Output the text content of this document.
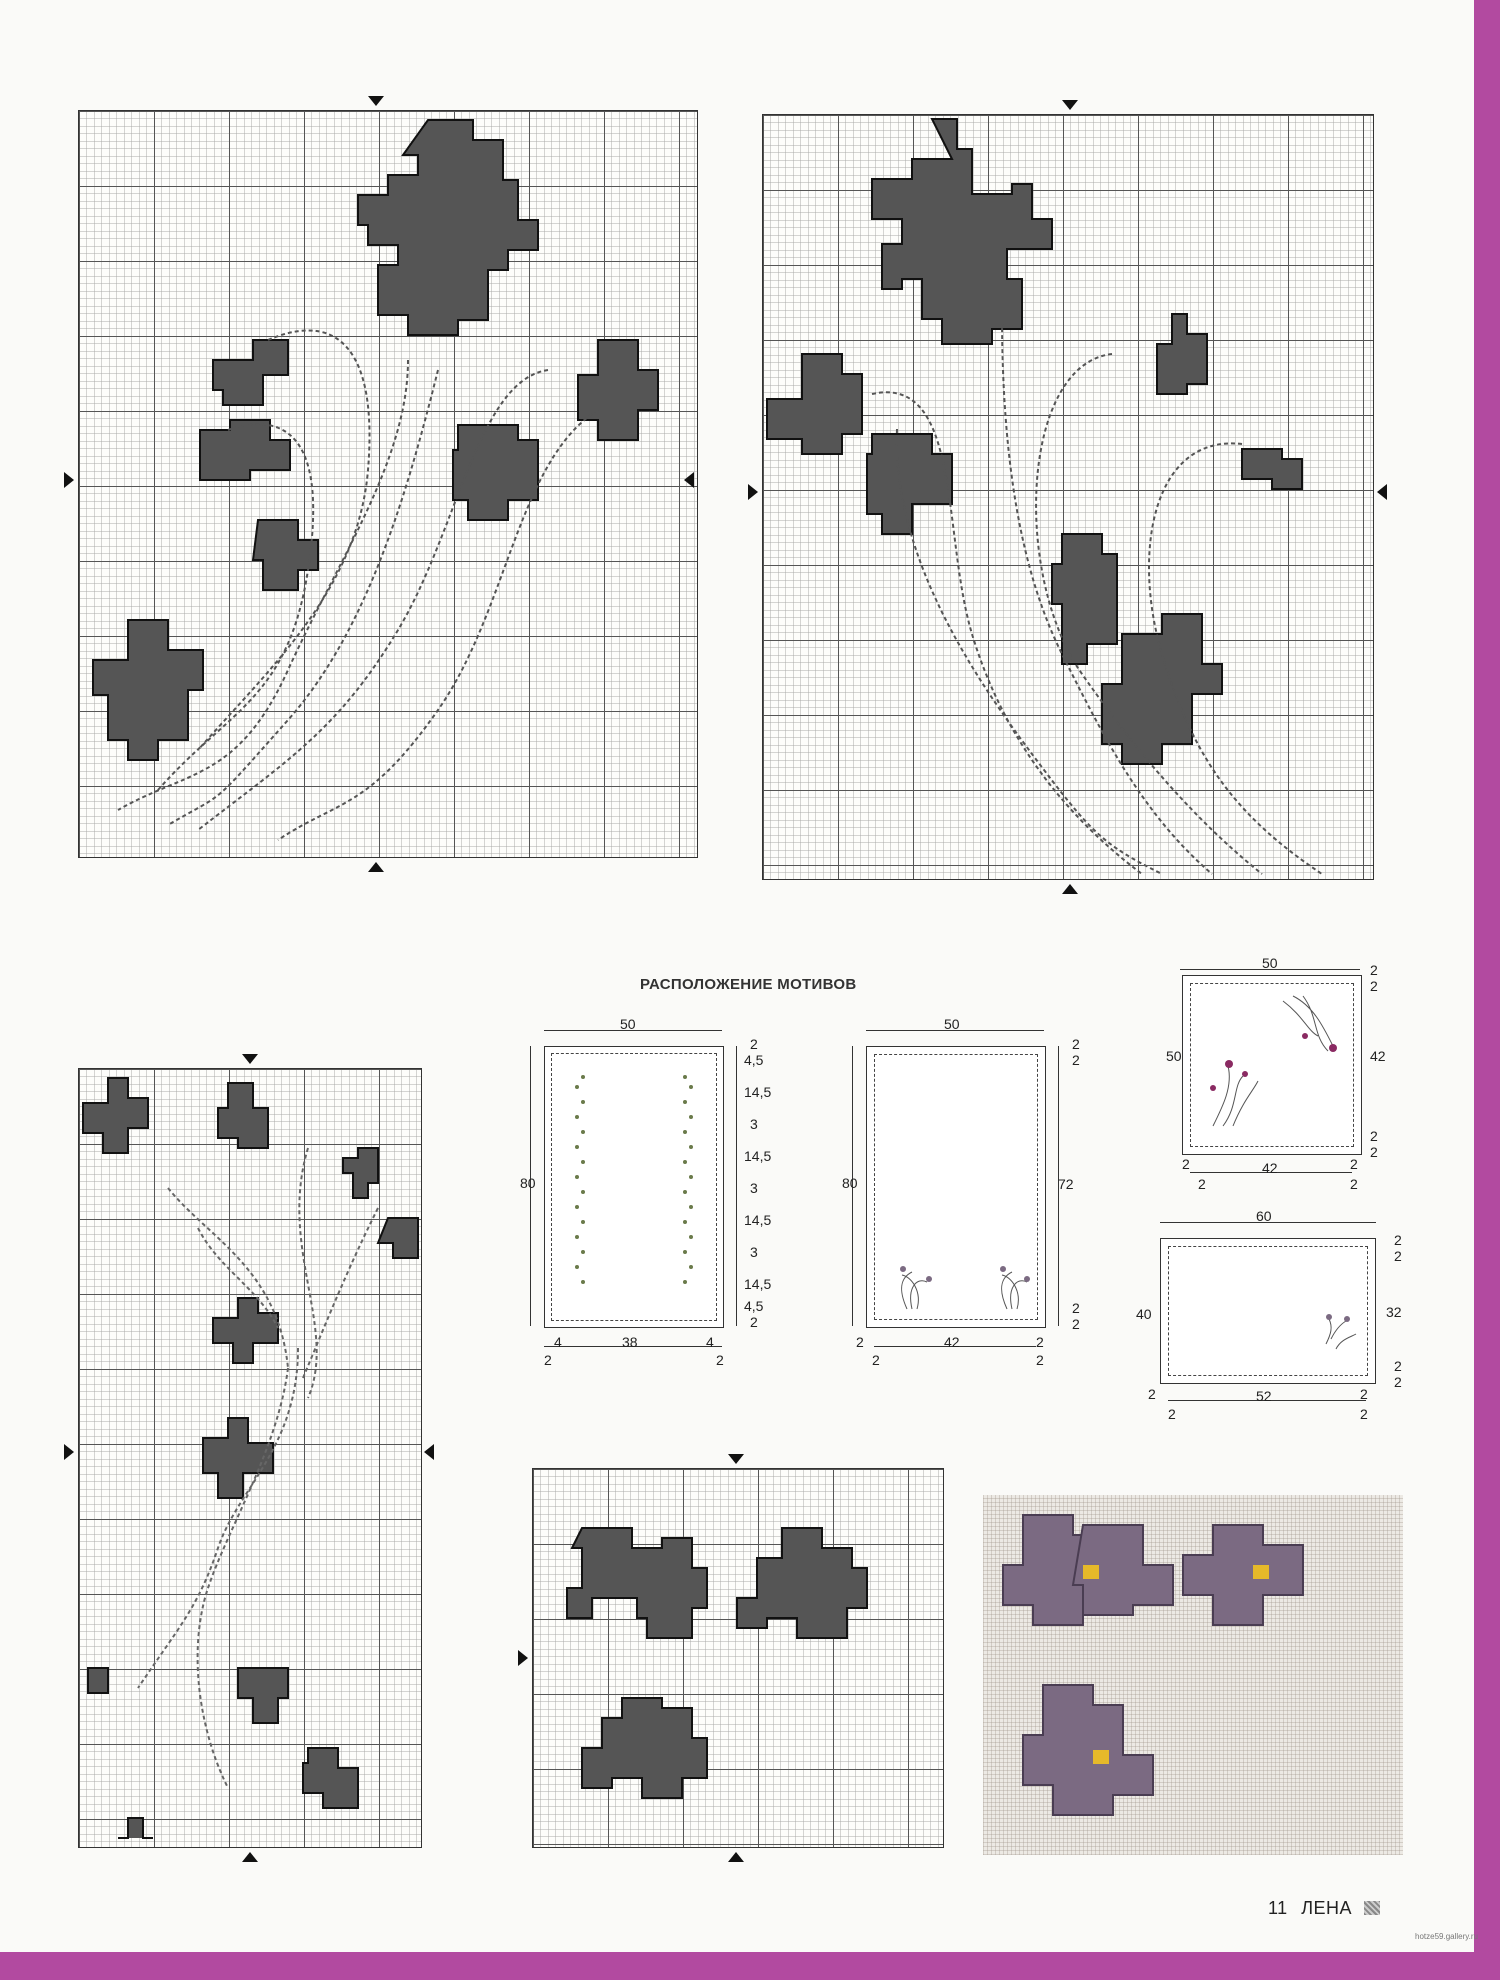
РАСПОЛОЖЕНИЕ МОТИВОВ
50
80
2
4,5
14,5
3
14,5
3
14,5
3
14,5
4,5
2
4	38	4
2	2
50
80
2
2
72
2
2
42
2
2
2
2
50
50
2
2
42
2
2
42
2
2
2
2
60
40
2
2
32
2
2
52
2
2
2
2
11 ЛЕНА
hotze59.gallery.ru
